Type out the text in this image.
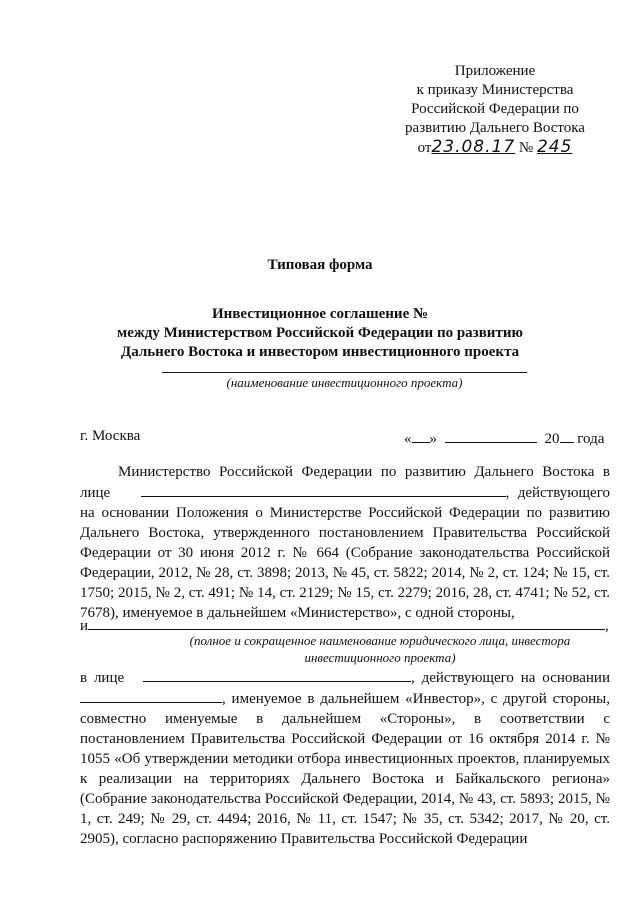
Приложение
к приказу Министерства
Российской Федерации по
развитию Дальнего Востока
от23.08.17 № 245
Типовая форма
Инвестиционное соглашение №
между Министерством Российской Федерации по развитию
Дальнего Востока и инвестором инвестиционного проекта
(наименование инвестиционного проекта)
г. Москва	« »	20 года
Министерство Российской Федерации по развитию Дальнего Востока в лице	, действующего на основании Положения о Министерстве Российской Федерации по развитию Дальнего Востока, утвержденного постановлением Правительства Российской Федерации от 30 июня 2012 г. № 664 (Собрание законодательства Российской Федерации, 2012, № 28, ст. 3898; 2013, № 45, ст. 5822; 2014, № 2, ст. 124; № 15, ст. 1750; 2015, № 2, ст. 491; № 14, ст. 2129; № 15, ст. 2279; 2016, 28, ст. 4741; № 52, ст. 7678), именуемое в дальнейшем «Министерство», с одной стороны,
и	,
(полное и сокращенное наименование юридического лица, инвестора
инвестиционного проекта)
в лице	, действующего на основании , именуемое в дальнейшем «Инвестор», с другой стороны, совместно именуемые в дальнейшем «Стороны», в соответствии с постановлением Правительства Российской Федерации от 16 октября 2014 г. № 1055 «Об утверждении методики отбора инвестиционных проектов, планируемых к реализации на территориях Дальнего Востока и Байкальского региона» (Собрание законодательства Российской Федерации, 2014, № 43, ст. 5893; 2015, № 1, ст. 249; № 29, ст. 4494; 2016, № 11, ст. 1547; № 35, ст. 5342; 2017, № 20, ст. 2905), согласно распоряжению Правительства Российской Федерации
